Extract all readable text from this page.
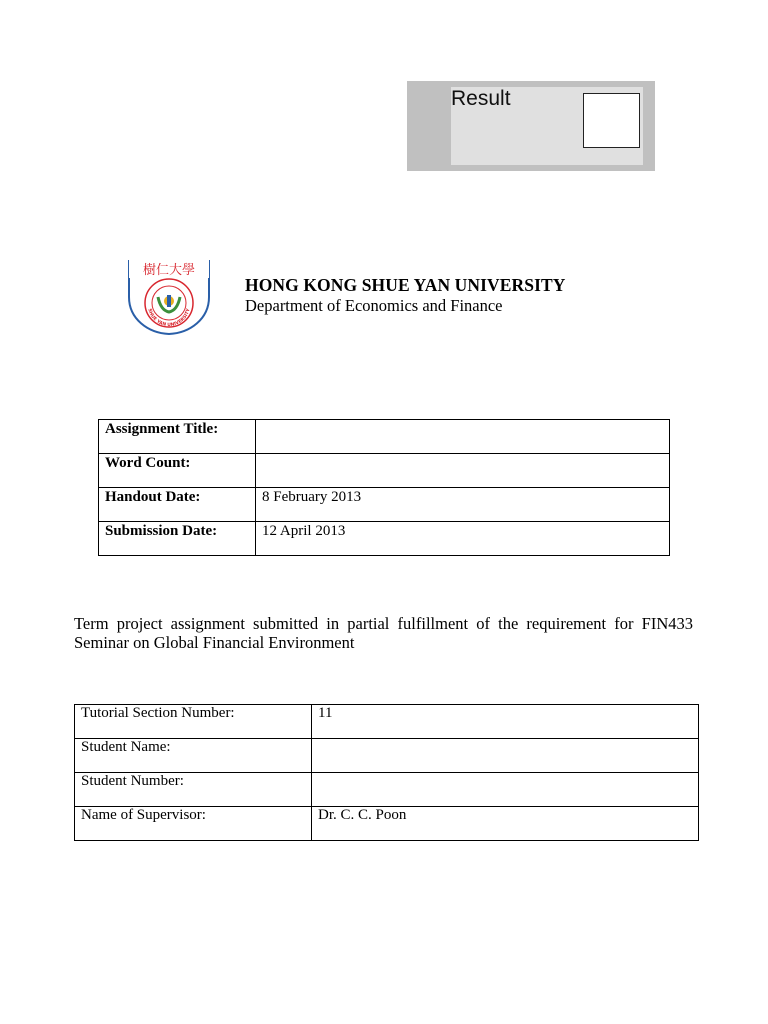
Result
樹仁大學
SHUE YAN UNIVERSITY
HONG KONG SHUE YAN UNIVERSITY
Department of Economics and Finance
Assignment Title:	
Word Count:	
Handout Date:	8 February 2013
Submission Date:	12 April 2013
Term project assignment submitted in partial fulfillment of the requirement for FIN433 Seminar on Global Financial Environment
Tutorial Section Number:	11
Student Name:	
Student Number:	
Name of Supervisor:	Dr. C. C. Poon
